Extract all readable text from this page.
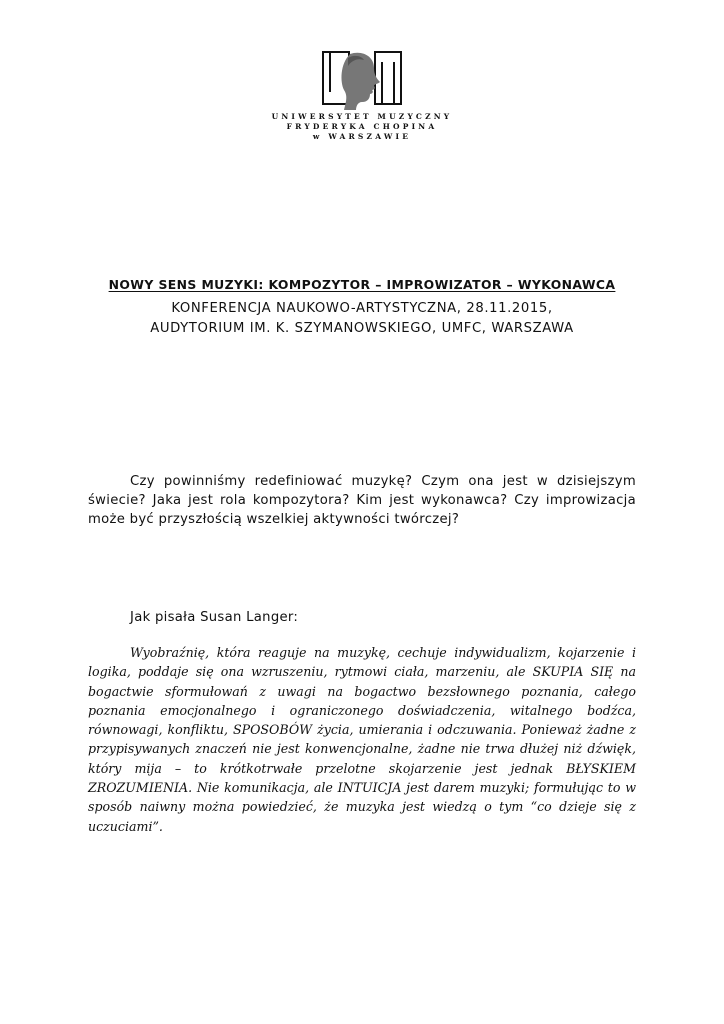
UNIWERSYTET MUZYCZNY
FRYDERYKA CHOPINA
w WARSZAWIE
NOWY SENS MUZYKI: KOMPOZYTOR – IMPROWIZATOR – WYKONAWCA
KONFERENCJA NAUKOWO-ARTYSTYCZNA, 28.11.2015,
AUDYTORIUM IM. K. SZYMANOWSKIEGO, UMFC, WARSZAWA

Czy powinniśmy redefiniować muzykę? Czym ona jest w dzisiejszym świecie? Jaka jest rola kompozytora? Kim jest wykonawca? Czy improwizacja może być przyszłością wszelkiej aktywności twórczej?

Jak pisała Susan Langer:

Wyobraźnię, która reaguje na muzykę, cechuje indywidualizm, kojarzenie i logika, poddaje się ona wzruszeniu, rytmowi ciała, marzeniu, ale SKUPIA SIĘ na bogactwie sformułowań z uwagi na bogactwo bezsłownego poznania, całego poznania emocjonalnego i ograniczonego doświadczenia, witalnego bodźca, równowagi, konfliktu, SPOSOBÓW życia, umierania i odczuwania. Ponieważ żadne z przypisywanych znaczeń nie jest konwencjonalne, żadne nie trwa dłużej niż dźwięk, który mija – to krótkotrwałe przelotne skojarzenie jest jednak BŁYSKIEM ZROZUMIENIA. Nie komunikacja, ale INTUICJA jest darem muzyki; formułując to w sposób naiwny można powiedzieć, że muzyka jest wiedzą o tym “co dzieje się z uczuciami”.
